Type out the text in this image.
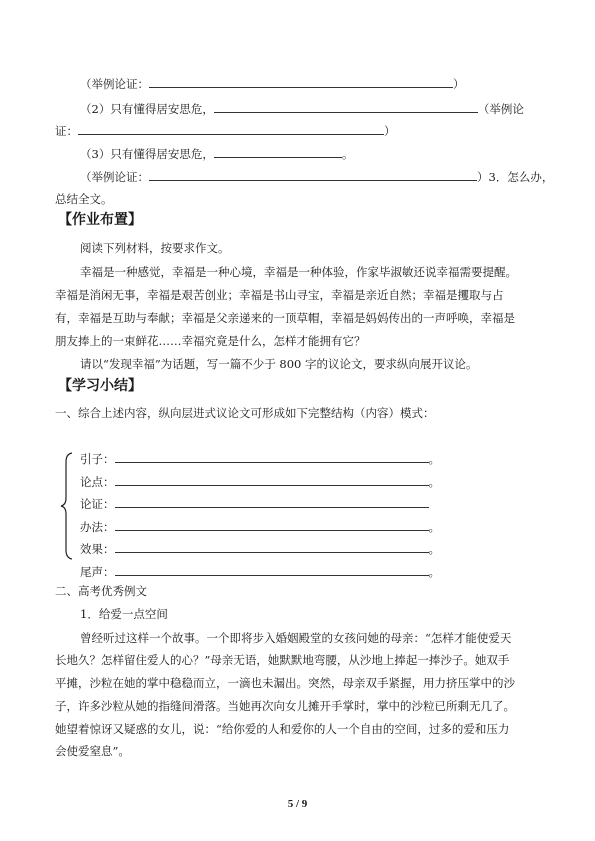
（举例论证：	）
（2）只有懂得居安思危，	（举例论
证：	）
（3）只有懂得居安思危，	。
（举例论证：	）3．怎么办，
总结全文。
【作业布置】
阅读下列材料，按要求作文。
幸福是一种感觉，幸福是一种心境，幸福是一种体验，作家毕淑敏还说幸福需要提醒。
幸福是消闲无事，幸福是艰苦创业；幸福是书山寻宝，幸福是亲近自然；幸福是攫取与占
有，幸福是互助与奉献；幸福是父亲递来的一顶草帽，幸福是妈妈传出的一声呼唤，幸福是
朋友捧上的一束鲜花……幸福究竟是什么，怎样才能拥有它？
请以“发现幸福”为话题，写一篇不少于 800 字的议论文，要求纵向展开议论。
【学习小结】
一、综合上述内容，纵向层进式议论文可形成如下完整结构（内容）模式：
引子：	。
论点：	。
论证：
办法：	。
效果：	。
尾声：	。
二、高考优秀例文
1．给爱一点空间
曾经听过这样一个故事。一个即将步入婚姻殿堂的女孩问她的母亲：“怎样才能使爱天
长地久？怎样留住爱人的心？”母亲无语，她默默地弯腰，从沙地上捧起一捧沙子。她双手
平摊，沙粒在她的掌中稳稳而立，一滴也未漏出。突然，母亲双手紧握，用力挤压掌中的沙
子，许多沙粒从她的指缝间滑落。当她再次向女儿摊开手掌时，掌中的沙粒已所剩无几了。
她望着惊讶又疑惑的女儿，说：“给你爱的人和爱你的人一个自由的空间，过多的爱和压力
会使爱窒息”。
5 / 9
